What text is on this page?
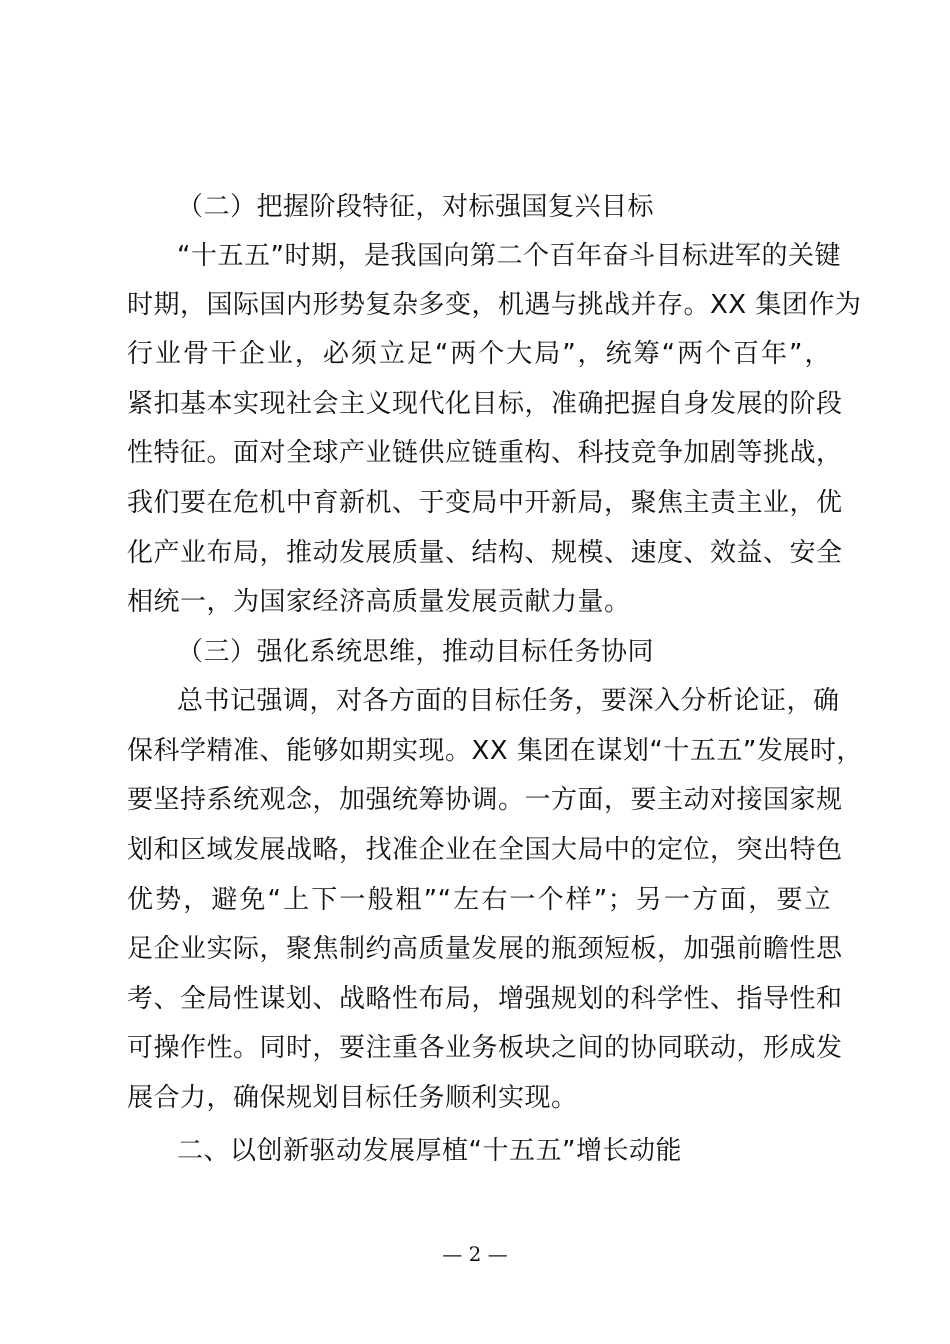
（二）把握阶段特征，对标强国复兴目标
“十五五”时期，是我国向第二个百年奋斗目标进军的关键
时期，国际国内形势复杂多变，机遇与挑战并存。XX 集团作为
行业骨干企业，必须立足“两个大局”，统筹“两个百年”，
紧扣基本实现社会主义现代化目标，准确把握自身发展的阶段
性特征。面对全球产业链供应链重构、科技竞争加剧等挑战，
我们要在危机中育新机、于变局中开新局，聚焦主责主业，优
化产业布局，推动发展质量、结构、规模、速度、效益、安全
相统一，为国家经济高质量发展贡献力量。
（三）强化系统思维，推动目标任务协同
总书记强调，对各方面的目标任务，要深入分析论证，确
保科学精准、能够如期实现。XX 集团在谋划“十五五”发展时，
要坚持系统观念，加强统筹协调。一方面，要主动对接国家规
划和区域发展战略，找准企业在全国大局中的定位，突出特色
优势，避免“上下一般粗”“左右一个样”；另一方面，要立
足企业实际，聚焦制约高质量发展的瓶颈短板，加强前瞻性思
考、全局性谋划、战略性布局，增强规划的科学性、指导性和
可操作性。同时，要注重各业务板块之间的协同联动，形成发
展合力，确保规划目标任务顺利实现。
二、以创新驱动发展厚植“十五五”增长动能
— 2 —
